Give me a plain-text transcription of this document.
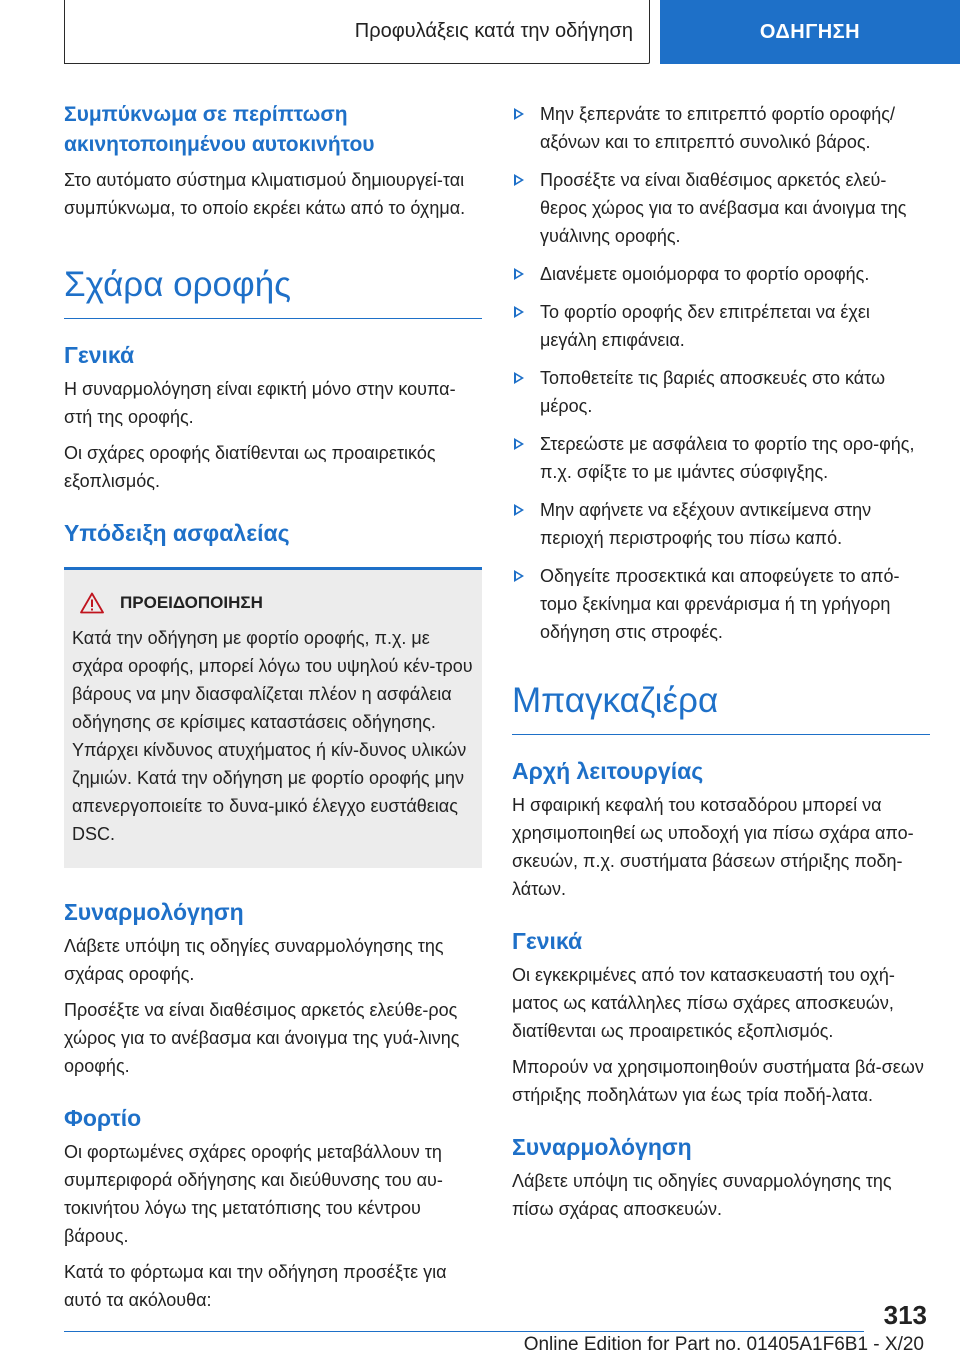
Προφυλάξεις κατά την οδήγηση	ΟΔΗΓΗΣΗ
Συμπύκνωμα σε περίπτωση ακινητοποιημένου αυτοκινήτου

Στο αυτόματο σύστημα κλιματισμού δημιουργεί-ται συμπύκνωμα, το οποίο εκρέει κάτω από το όχημα.

Σχάρα οροφής
Γενικά

Η συναρμολόγηση είναι εφικτή μόνο στην κουπα-στή της οροφής.

Οι σχάρες οροφής διατίθενται ως προαιρετικός εξοπλισμός.

Υπόδειξη ασφαλείας
ΠΡΟΕΙΔΟΠΟΙΗΣΗ

Κατά την οδήγηση με φορτίο οροφής, π.χ. με σχάρα οροφής, μπορεί λόγω του υψηλού κέν-τρου βάρους να μην διασφαλίζεται πλέον η ασφάλεια οδήγησης σε κρίσιμες καταστάσεις οδήγησης. Υπάρχει κίνδυνος ατυχήματος ή κίν-δυνος υλικών ζημιών. Κατά την οδήγηση με φορτίο οροφής μην απενεργοποιείτε το δυνα-μικό έλεγχο ευστάθειας DSC.

Συναρμολόγηση

Λάβετε υπόψη τις οδηγίες συναρμολόγησης της σχάρας οροφής.

Προσέξτε να είναι διαθέσιμος αρκετός ελεύθε-ρος χώρος για το ανέβασμα και άνοιγμα της γυά-λινης οροφής.

Φορτίο

Οι φορτωμένες σχάρες οροφής μεταβάλλουν τη συμπεριφορά οδήγησης και διεύθυνσης του αυ-τοκινήτου λόγω της μετατόπισης του κέντρου βάρους.

Κατά το φόρτωμα και την οδήγηση προσέξτε για αυτό τα ακόλουθα:

Μην ξεπερνάτε το επιτρεπτό φορτίο οροφής/ αξόνων και το επιτρεπτό συνολικό βάρος.
Προσέξτε να είναι διαθέσιμος αρκετός ελεύ-θερος χώρος για το ανέβασμα και άνοιγμα της γυάλινης οροφής.
Διανέμετε ομοιόμορφα το φορτίο οροφής.
Το φορτίο οροφής δεν επιτρέπεται να έχει μεγάλη επιφάνεια.
Τοποθετείτε τις βαριές αποσκευές στο κάτω μέρος.
Στερεώστε με ασφάλεια το φορτίο της ορο-φής, π.χ. σφίξτε το με ιμάντες σύσφιγξης.
Μην αφήνετε να εξέχουν αντικείμενα στην περιοχή περιστροφής του πίσω καπό.
Οδηγείτε προσεκτικά και αποφεύγετε το από-τομο ξεκίνημα και φρενάρισμα ή τη γρήγορη οδήγηση στις στροφές.
Μπαγκαζιέρα
Αρχή λειτουργίας

Η σφαιρική κεφαλή του κοτσαδόρου μπορεί να χρησιμοποιηθεί ως υποδοχή για πίσω σχάρα απο-σκευών, π.χ. συστήματα βάσεων στήριξης ποδη-λάτων.

Γενικά

Οι εγκεκριμένες από τον κατασκευαστή του οχή-ματος ως κατάλληλες πίσω σχάρες αποσκευών, διατίθενται ως προαιρετικός εξοπλισμός.

Μπορούν να χρησιμοποιηθούν συστήματα βά-σεων στήριξης ποδηλάτων για έως τρία ποδή-λατα.

Συναρμολόγηση

Λάβετε υπόψη τις οδηγίες συναρμολόγησης της πίσω σχάρας αποσκευών.

313
Online Edition for Part no. 01405A1F6B1 - X/20
